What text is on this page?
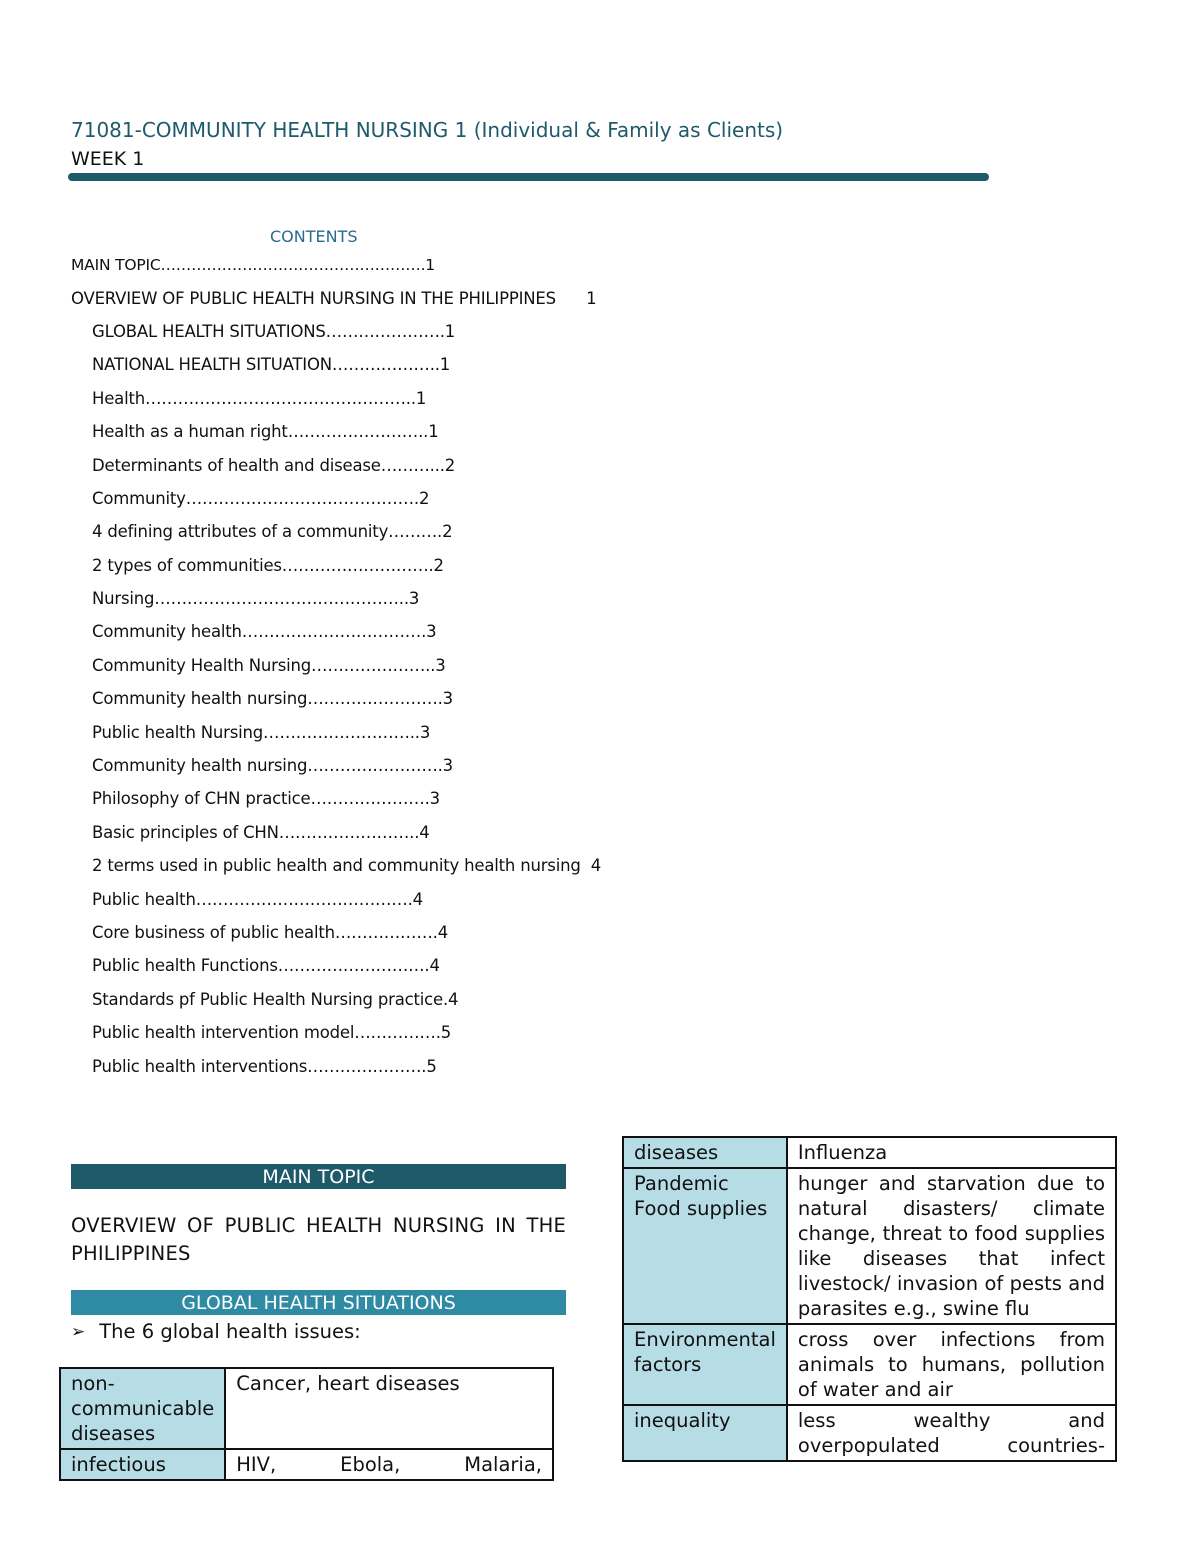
71081-COMMUNITY HEALTH NURSING 1 (Individual & Family as Clients)
WEEK 1
CONTENTS
MAIN TOPIC…………………………………………….1
OVERVIEW OF PUBLIC HEALTH NURSING IN THE PHILIPPINES      1
GLOBAL HEALTH SITUATIONS………………….1
NATIONAL HEALTH SITUATION………………..1
Health…………………………………………..1
Health as a human right……………………..1
Determinants of health and disease………...2
Community…………………………………….2
4 defining attributes of a community……….2
2 types of communities……………………….2
Nursing………………………………………..3
Community health…………………………….3
Community Health Nursing…………………..3
Community health nursing…………………….3
Public health Nursing………………………..3
Community health nursing…………………….3
Philosophy of CHN practice………………….3
Basic principles of CHN……………………..4
2 terms used in public health and community health nursing  4
Public health………………………………….4
Core business of public health……………….4
Public health Functions……………………….4
Standards pf Public Health Nursing practice.4
Public health intervention model…………….5
Public health interventions………………….5
MAIN TOPIC
OVERVIEW OF PUBLIC HEALTH NURSING IN THE PHILIPPINES
GLOBAL HEALTH SITUATIONS
➢ The 6 global health issues:
non-communicable diseases	Cancer, heart diseases
infectious	HIV, Ebola, Malaria,
diseases	Influenza
Pandemic Food supplies	hunger and starvation due to natural disasters/ climate change, threat to food supplies like diseases that infect livestock/ invasion of pests and parasites e.g., swine flu
Environmental factors	cross over infections from animals to humans, pollution of water and air
inequality	less wealthy and overpopulated countries-
